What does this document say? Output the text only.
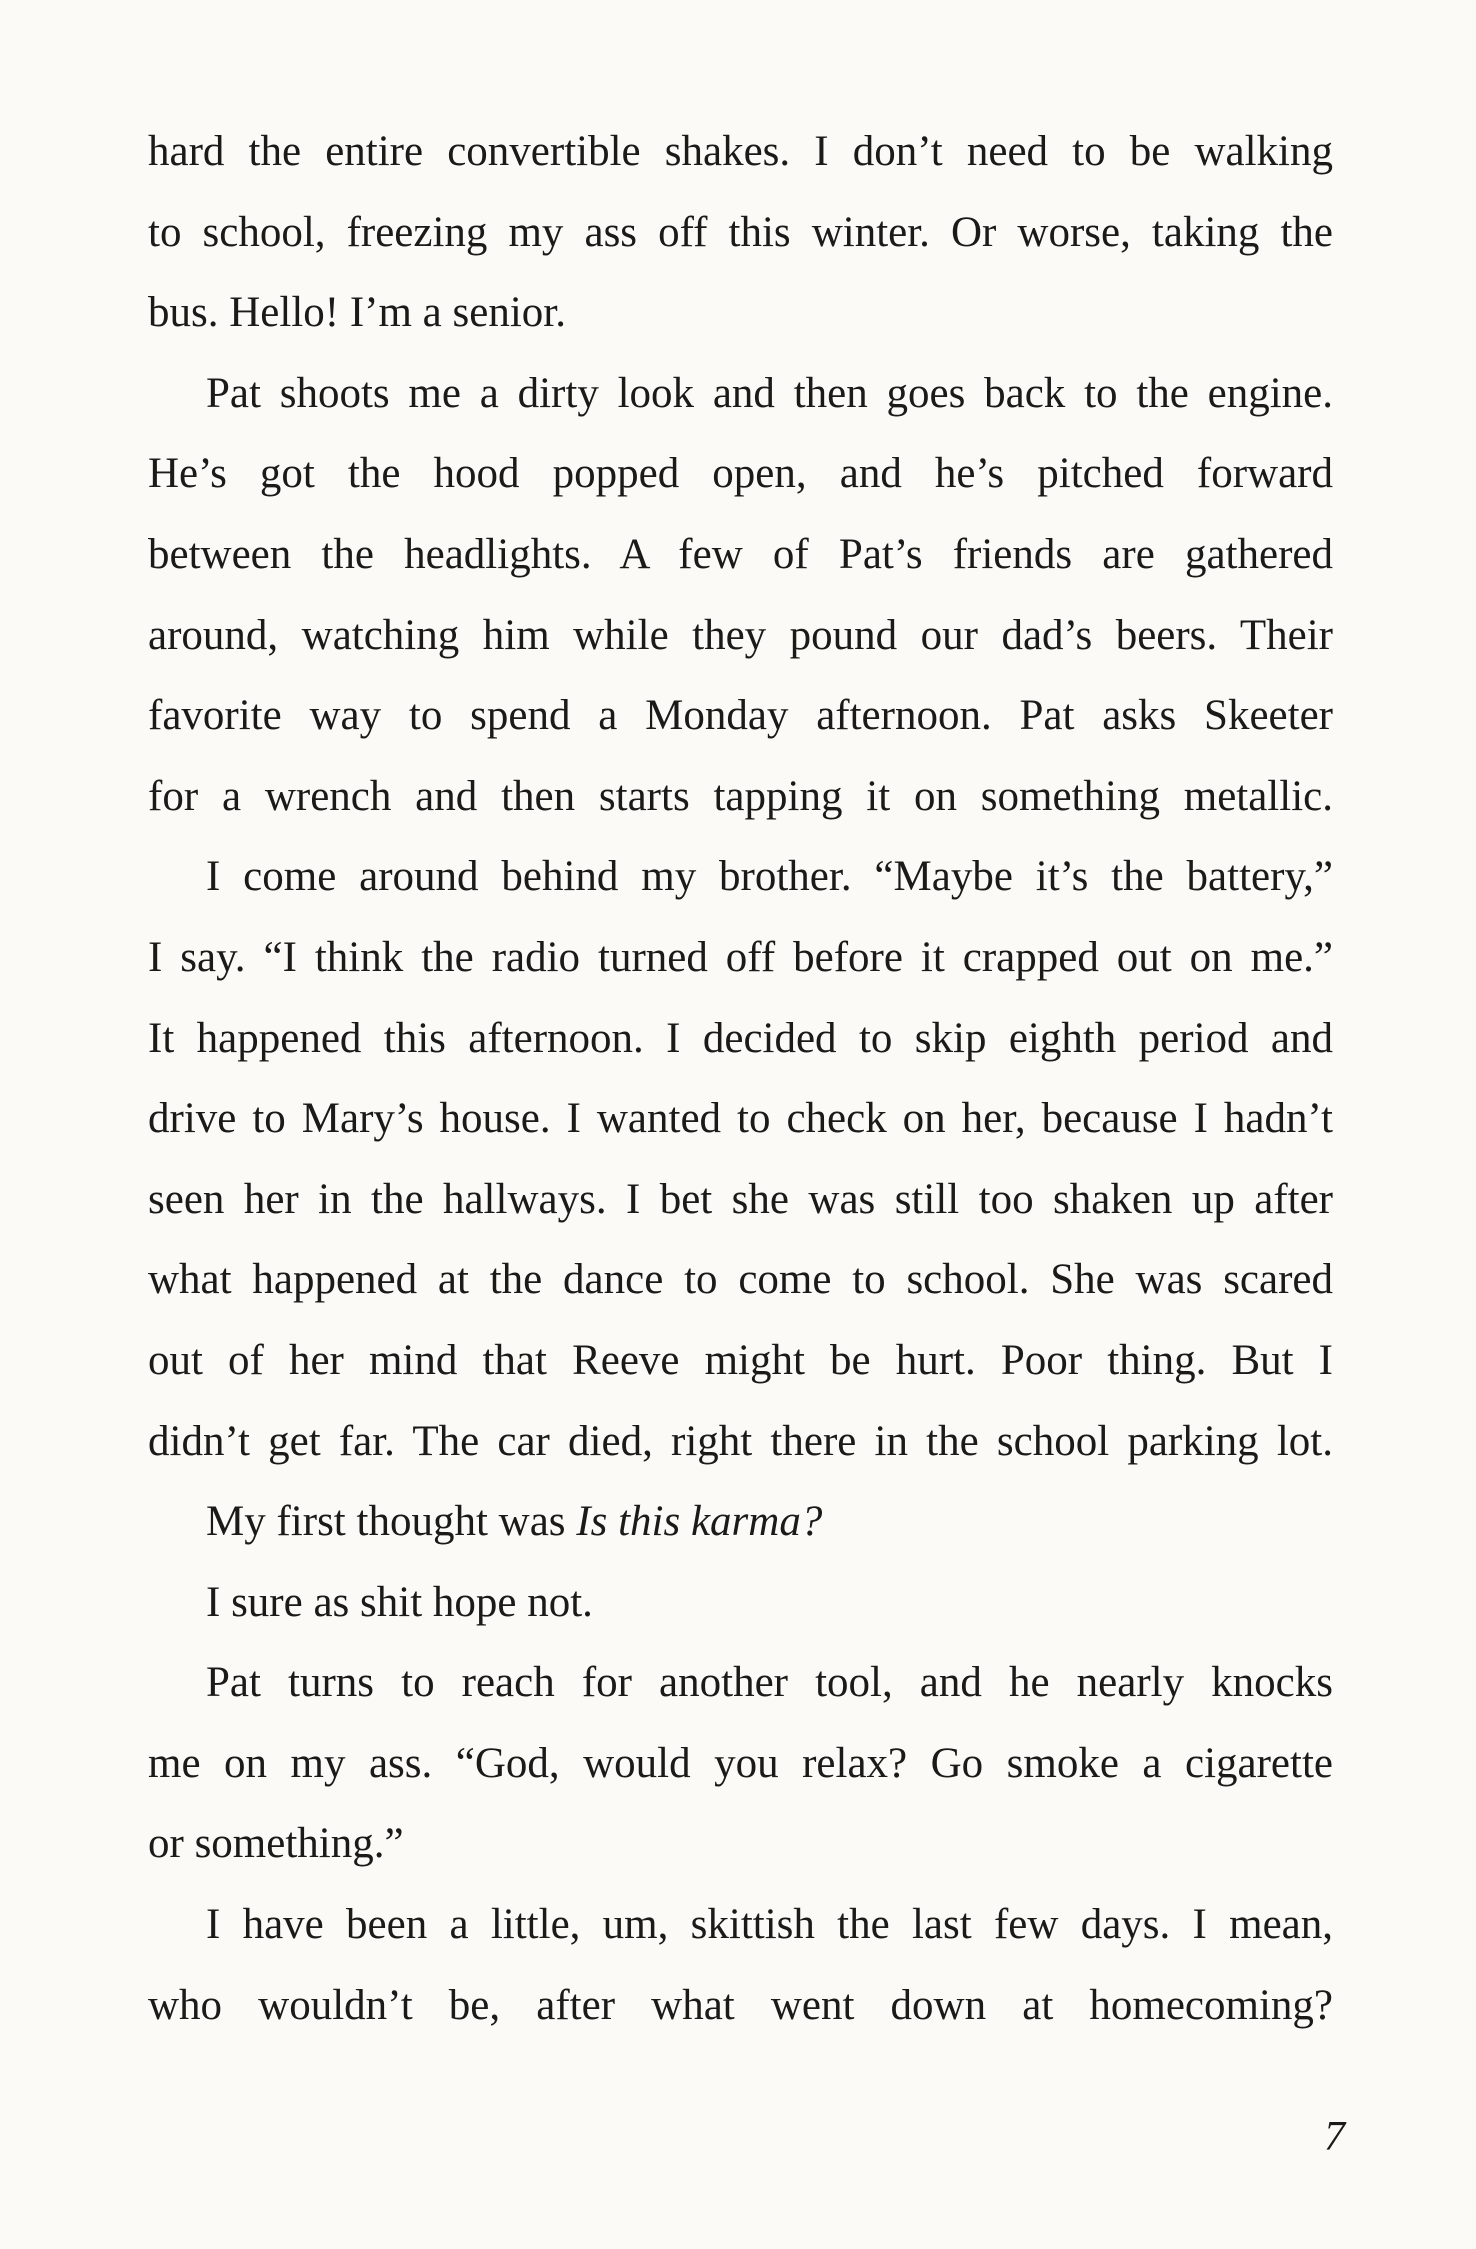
hard the entire convertible shakes. I don’t need to be walking
to school, freezing my ass off this winter. Or worse, taking the
bus. Hello! I’m a senior.
Pat shoots me a dirty look and then goes back to the engine.
He’s got the hood popped open, and he’s pitched forward
between the headlights. A few of Pat’s friends are gathered
around, watching him while they pound our dad’s beers. Their
favorite way to spend a Monday afternoon. Pat asks Skeeter
for a wrench and then starts tapping it on something metallic.
I come around behind my brother. “Maybe it’s the battery,”
I say. “I think the radio turned off before it crapped out on me.”
It happened this afternoon. I decided to skip eighth period and
drive to Mary’s house. I wanted to check on her, because I hadn’t
seen her in the hallways. I bet she was still too shaken up after
what happened at the dance to come to school. She was scared
out of her mind that Reeve might be hurt. Poor thing. But I
didn’t get far. The car died, right there in the school parking lot.
My first thought was Is this karma?
I sure as shit hope not.
Pat turns to reach for another tool, and he nearly knocks
me on my ass. “God, would you relax? Go smoke a cigarette
or something.”
I have been a little, um, skittish the last few days. I mean,
who wouldn’t be, after what went down at homecoming?
7
